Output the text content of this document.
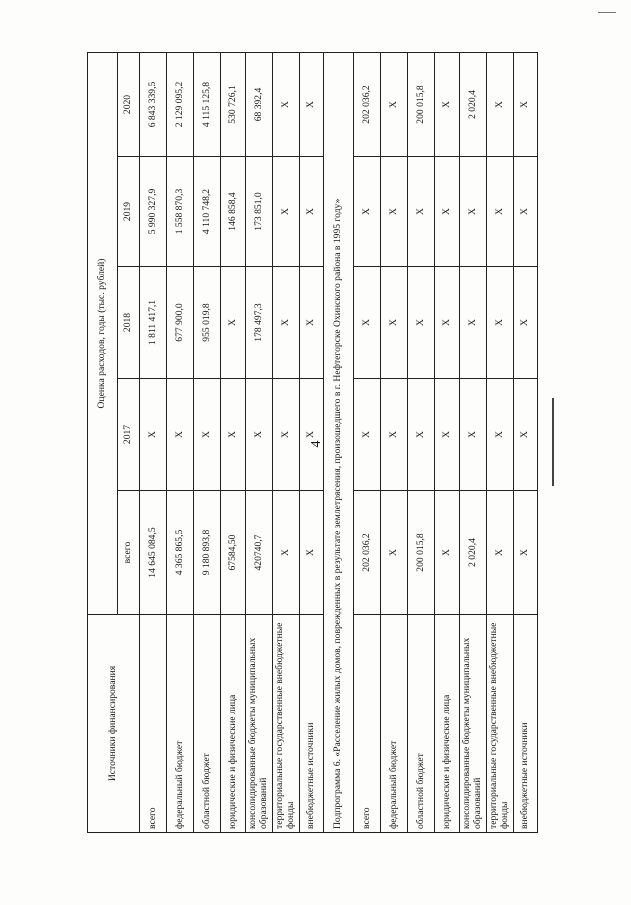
4
Источники финансирования	Оценка расходов, годы (тыс. рублей)				
	всего	2017	2018	2019	2020
всего	14 645 084,5	X	1 811 417,1	5 990 327,9	6 843 339,5
федеральный бюджет	4 365 865,5	X	677 900,0	1 558 870,3	2 129 095,2
областной бюджет	9 180 893,8	X	955 019,8	4 110 748,2	4 115 125,8
юридические и физические лица	67584,50	X	X	146 858,4	530 726,1
консолидированные бюджеты муниципальных образований	420740,7	X	178 497,3	173 851,0	68 392,4
территориальные государственные внебюджетные фонды	X	X	X	X	X
внебюджетные источники	X	X	X	X	X
Подпрограмма 6. «Расселение жилых домов, поврежденных в результате землетрясения, произошедшего в г. Нефтегорске Охинского района в 1995 году»					
всего	202 036,2	X	X	X	202 036,2
федеральный бюджет	X	X	X	X	X
областной бюджет	200 015,8	X	X	X	200 015,8
юридические и физические лица	X	X	X	X	X
консолидированные бюджеты муниципальных образований	2 020,4	X	X	X	2 020,4
территориальные государственные внебюджетные фонды	X	X	X	X	X
внебюджетные источники	X	X	X	X	X
